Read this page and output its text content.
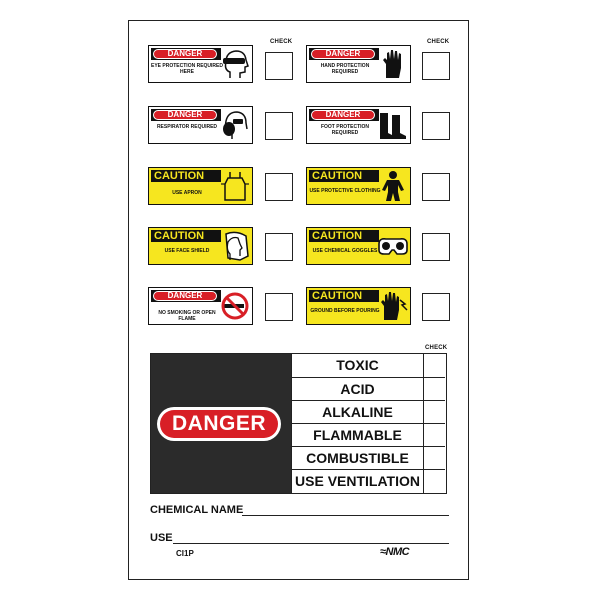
CHECK	CHECK
DANGER
EYE PROTECTION REQUIRED HERE
DANGER
HAND PROTECTION REQUIRED
DANGER
RESPIRATOR REQUIRED
DANGER
FOOT PROTECTION REQUIRED
CAUTION
USE APRON
CAUTION
USE PROTECTIVE CLOTHING
CAUTION
USE FACE SHIELD
CAUTION
USE CHEMICAL GOGGLES
DANGER
NO SMOKING OR OPEN FLAME
CAUTION
GROUND BEFORE POURING
CHECK
DANGER
TOXIC
ACID
ALKALINE
FLAMMABLE
COMBUSTIBLE
USE VENTILATION
CHEMICAL NAME
USE
CI1P	≈NMC
